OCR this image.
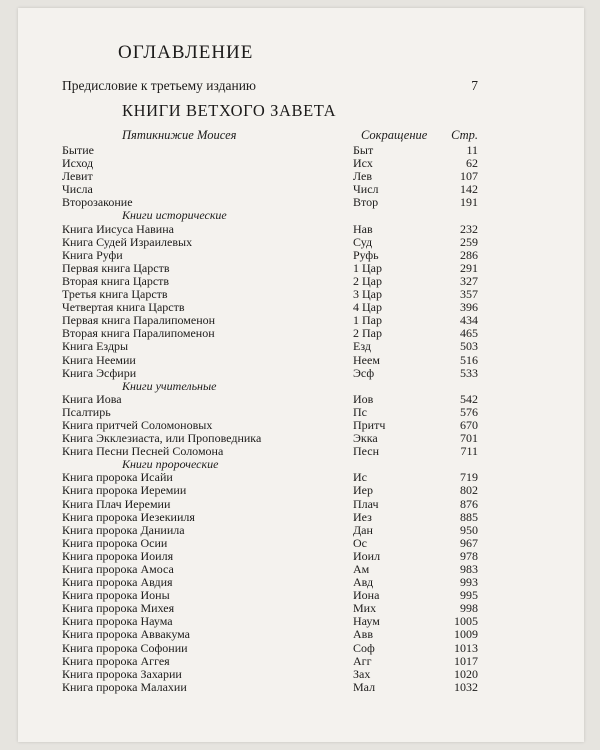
ОГЛАВЛЕНИЕ
Предисловие к третьему изданию	7
КНИГИ ВЕТХОГО ЗАВЕТА
Пятикнижие Моисея	Сокращение Стр.
Бытие	Быт	11
Исход	Исх	62
Левит	Лев	107
Числа	Числ	142
Второзаконие	Втор	191
Книги исторические
Книга Иисуса Навина	Нав	232
Книга Судей Израилевых	Суд	259
Книга Руфи	Руфь	286
Первая книга Царств	1 Цар	291
Вторая книга Царств	2 Цар	327
Третья книга Царств	3 Цар	357
Четвертая книга Царств	4 Цар	396
Первая книга Паралипоменон	1 Пар	434
Вторая книга Паралипоменон	2 Пар	465
Книга Ездры	Езд	503
Книга Неемии	Неем	516
Книга Эсфири	Эсф	533
Книги учительные
Книга Иова	Иов	542
Псалтирь	Пс	576
Книга притчей Соломоновых	Притч	670
Книга Экклезиаста, или Проповедника	Экка	701
Книга Песни Песней Соломона	Песн	711
Книги пророческие
Книга пророка Исайи	Ис	719
Книга пророка Иеремии	Иер	802
Книга Плач Иеремии	Плач	876
Книга пророка Иезекииля	Иез	885
Книга пророка Даниила	Дан	950
Книга пророка Осии	Ос	967
Книга пророка Иоиля	Иоил	978
Книга пророка Амоса	Ам	983
Книга пророка Авдия	Авд	993
Книга пророка Ионы	Иона	995
Книга пророка Михея	Мих	998
Книга пророка Наума	Наум	1005
Книга пророка Аввакума	Авв	1009
Книга пророка Софонии	Соф	1013
Книга пророка Аггея	Агг	1017
Книга пророка Захарии	Зах	1020
Книга пророка Малахии	Мал	1032
